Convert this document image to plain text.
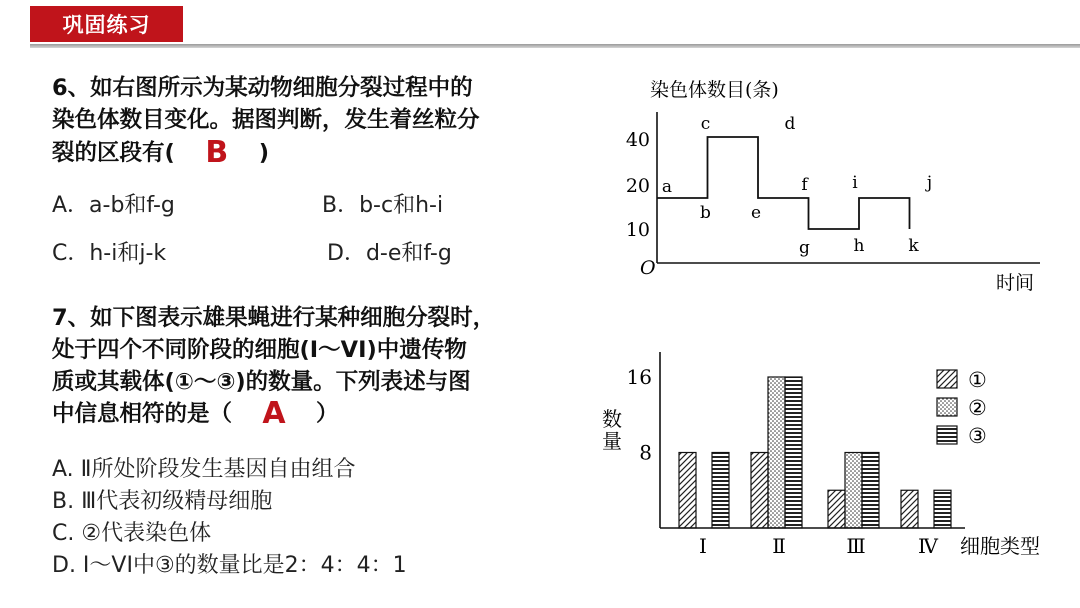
巩固练习
6、如右图所示为某动物细胞分裂过程中的
染色体数目变化。据图判断，发生着丝粒分
裂的区段有( B )
A．a-b和f-g	B．b-c和h-i
C．h-i和j-k	D．d-e和f-g
7、如下图表示雄果蝇进行某种细胞分裂时，
处于四个不同阶段的细胞(Ⅰ～VI)中遗传物
质或其载体(①～③)的数量。下列表述与图
中信息相符的是（ A ）
A. Ⅱ所处阶段发生基因自由组合
B. Ⅲ代表初级精母细胞
C. ②代表染色体
D. Ⅰ～VI中③的数量比是2：4：4：1
染色体数目(条)
时间
O
10
20
40
a
b
c	d
e
f
g	h
i	j
k
数
量
细胞类型
8
16
Ⅰ	Ⅱ	Ⅲ	Ⅳ
①
②
③
